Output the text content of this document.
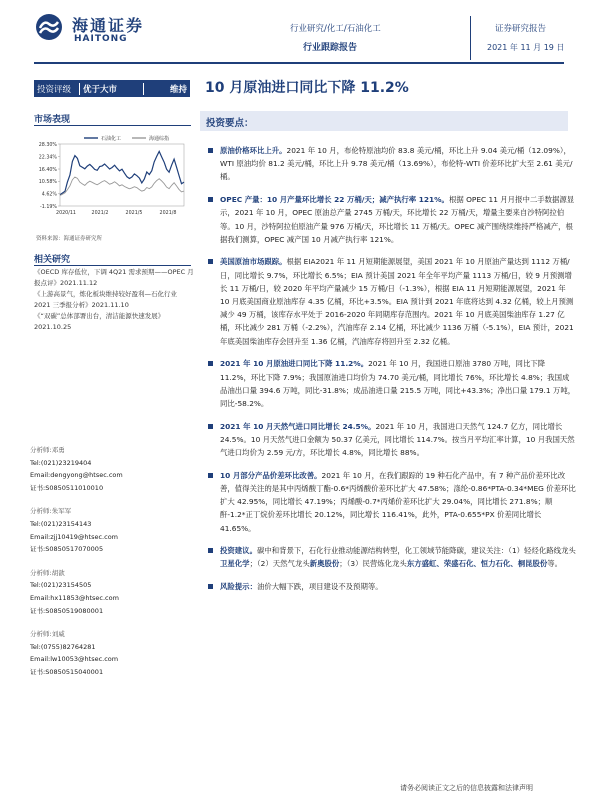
海通证券
HAITONG
行业研究/化工/石油化工
行业跟踪报告
证券研究报告
2021 年 11 月 19 日
投资评级	优于大市	维持 10 月原油进口同比下降 11.2%
市场表现
28.30%
22.34%
16.40%
10.58%
4.62%
-1.19%
2020/11	2021/2	2021/5	2021/8
石油化工	海通综指
资料来源：海通证券研究所
相关研究

《OECD 库存低位，下调 4Q21 需求预期——OPEC 月报点评》2021.11.12

《上游高景气，炼化板块维持较好盈利—石化行业 2021 三季报分析》2021.11.10

《“双碳”总体部署出台，清洁能源快速发展》2021.10.25

分析师:邓勇
Tel:(021)23219404
Email:dengyong@htsec.com
证书:S0850511010010
分析师:朱军军
Tel:(021)23154143
Email:zjj10419@htsec.com
证书:S0850517070005
分析师:胡歆
Tel:(021)23154505
Email:hx11853@htsec.com
证书:S0850519080001
分析师:刘威
Tel:(0755)82764281
Email:lw10053@htsec.com
证书:S0850515040001
投资要点：
原油价格环比上升。2021 年 10 月，布伦特原油均价 83.8 美元/桶，环比上升 9.04 美元/桶（12.09%），WTI 原油均价 81.2 美元/桶，环比上升 9.78 美元/桶（13.69%），布伦特-WTI 价差环比扩大至 2.61 美元/桶。
OPEC 产量：10 月产量环比增长 22 万桶/天；减产执行率 121%。根据 OPEC 11 月月报中二手数据源显示，2021 年 10 月，OPEC 原油总产量 2745 万桶/天，环比增长 22 万桶/天，增量主要来自沙特阿拉伯等。10 月，沙特阿拉伯原油产量 976 万桶/天，环比增长 11 万桶/天。OPEC 减产围绕续维持严格减产，根据我们测算，OPEC 减产国 10 月减产执行率 121%。
美国原油市场跟踪。根据 EIA2021 年 11 月短期能源展望，美国 2021 年 10 月原油产量达到 1112 万桶/日，同比增长 9.7%，环比增长 6.5%；EIA 预计美国 2021 年全年平均产量 1113 万桶/日，较 9 月预测增长 11 万桶/日，较 2020 年平均产量减少 15 万桶/日（-1.3%），根据 EIA 11 月短期能源展望，2021 年 10 月底美国商业原油库存 4.35 亿桶，环比+3.5%。EIA 预计到 2021 年底将达到 4.32 亿桶，较上月预测减少 49 万桶，该库存水平处于 2016-2020 年同期库存范围内。2021 年 10 月底美国柴油库存 1.27 亿桶，环比减少 281 万桶（-2.2%），汽油库存 2.14 亿桶，环比减少 1136 万桶（-5.1%），EIA 预计，2021 年底美国柴油库存会回升至 1.36 亿桶，汽油库存将回升至 2.32 亿桶。
2021 年 10 月原油进口同比下降 11.2%。2021 年 10 月，我国进口原油 3780 万吨，同比下降 11.2%，环比下降 7.9%；我国原油进口均价为 74.70 美元/桶，同比增长 76%，环比增长 4.8%；我国成品油出口量 394.6 万吨，同比-31.8%；成品油进口量 215.5 万吨，同比+43.3%；净出口量 179.1 万吨，同比-58.2%。
2021 年 10 月天然气进口同比增长 24.5%。2021 年 10 月，我国进口天然气 124.7 亿方，同比增长 24.5%。10 月天然气进口金额为 50.37 亿美元，同比增长 114.7%。按当月平均汇率计算，10 月我国天然气进口均价为 2.59 元/方，环比增长 4.8%，同比增长 88%。
10 月部分产品价差环比改善。2021 年 10 月，在我们跟踪的 19 种石化产品中，有 7 种产品价差环比改善，值得关注的是其中丙烯酸丁酯-0.6*丙烯酸价差环比扩大 47.58%；涤纶-0.86*PTA-0.34*MEG 价差环比扩大 42.95%，同比增长 47.19%；丙烯酸-0.7*丙烯价差环比扩大 29.04%，同比增长 271.8%；顺酐-1.2*正丁烷价差环比增长 20.12%，同比增长 116.41%，此外，PTA-0.655*PX 价差同比增长 41.65%。
投资建议。碳中和背景下，石化行业推动能源结构转型，化工领域节能降碳，建议关注：（1）轻烃化路线龙头卫星化学；（2）天然气龙头新奥股份；（3）民营炼化龙头东方盛虹、荣盛石化、恒力石化、桐昆股份等。
风险提示：油价大幅下跌，项目建设不及预期等。
请务必阅读正文之后的信息披露和法律声明
